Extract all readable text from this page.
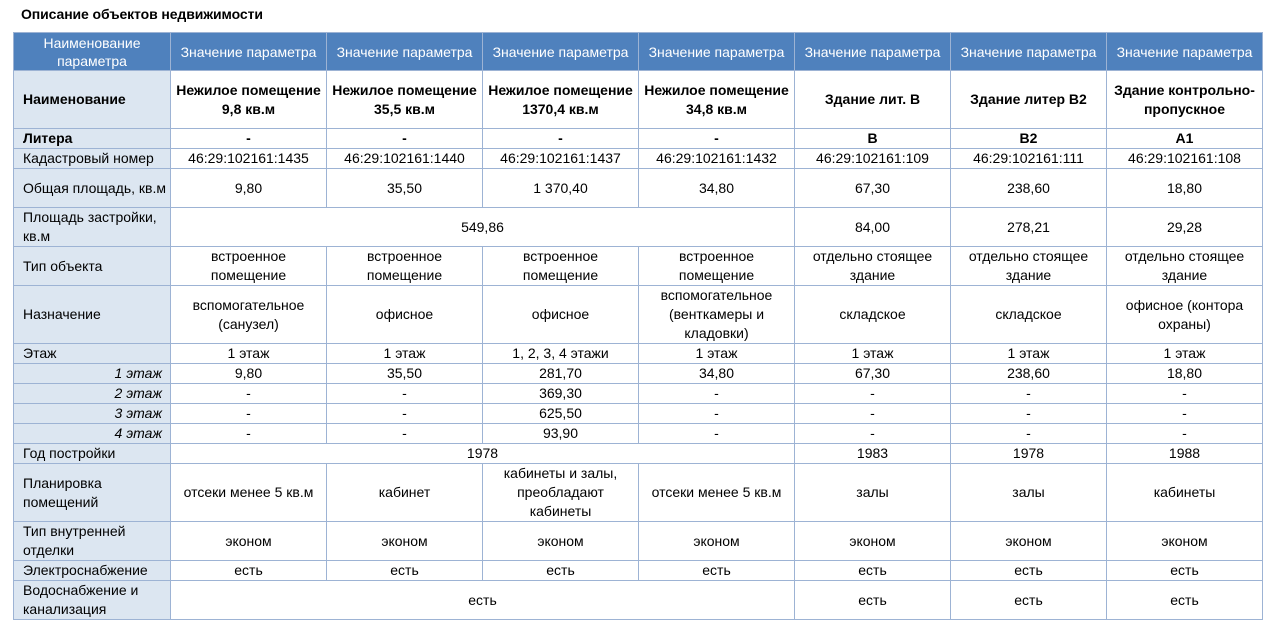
Описание объектов недвижимости
Наименование параметра	Значение параметра	Значение параметра	Значение параметра	Значение параметра	Значение параметра	Значение параметра	Значение параметра
Наименование	Нежилое помещение 9,8 кв.м	Нежилое помещение 35,5 кв.м	Нежилое помещение 1370,4 кв.м	Нежилое помещение 34,8 кв.м	Здание лит. В	Здание литер В2	Здание контрольно-пропускное
Литера	-	-	-	-	В	В2	А1
Кадастровый номер	46:29:102161:1435	46:29:102161:1440	46:29:102161:1437	46:29:102161:1432	46:29:102161:109	46:29:102161:111	46:29:102161:108
Общая площадь, кв.м	9,80	35,50	1 370,40	34,80	67,30	238,60	18,80
Площадь застройки, кв.м	549,86				84,00	278,21	29,28
Тип объекта	встроенное помещение	встроенное помещение	встроенное помещение	встроенное помещение	отдельно стоящее здание	отдельно стоящее здание	отдельно стоящее здание
Назначение	вспомогательное (санузел)	офисное	офисное	вспомогательное (венткамеры и кладовки)	складское	складское	офисное (контора охраны)
Этаж	1 этаж	1 этаж	1, 2, 3, 4 этажи	1 этаж	1 этаж	1 этаж	1 этаж
1 этаж	9,80	35,50	281,70	34,80	67,30	238,60	18,80
2 этаж	-	-	369,30	-	-	-	-
3 этаж	-	-	625,50	-	-	-	-
4 этаж	-	-	93,90	-	-	-	-
Год постройки	1978				1983	1978	1988
Планировка помещений	отсеки менее 5 кв.м	кабинет	кабинеты и залы, преобладают кабинеты	отсеки менее 5 кв.м	залы	залы	кабинеты
Тип внутренней отделки	эконом	эконом	эконом	эконом	эконом	эконом	эконом
Электроснабжение	есть	есть	есть	есть	есть	есть	есть
Водоснабжение и канализация	есть				есть	есть	есть
